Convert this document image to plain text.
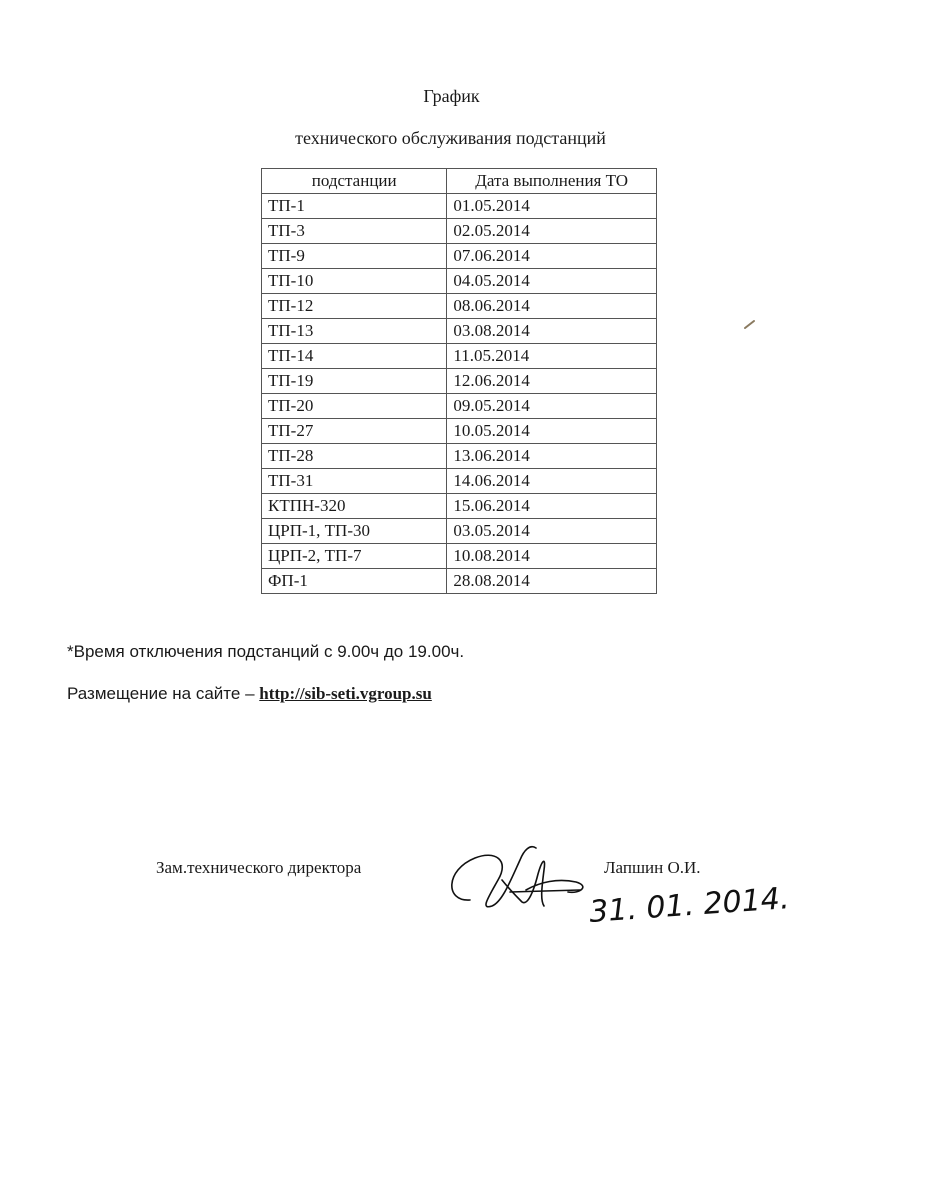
График
технического обслуживания подстанций
подстанции	Дата выполнения ТО
ТП-1	01.05.2014
ТП-3	02.05.2014
ТП-9	07.06.2014
ТП-10	04.05.2014
ТП-12	08.06.2014
ТП-13	03.08.2014
ТП-14	11.05.2014
ТП-19	12.06.2014
ТП-20	09.05.2014
ТП-27	10.05.2014
ТП-28	13.06.2014
ТП-31	14.06.2014
КТПН-320	15.06.2014
ЦРП-1, ТП-30	03.05.2014
ЦРП-2, ТП-7	10.08.2014
ФП-1	28.08.2014
*Время отключения подстанций с 9.00ч до 19.00ч.
Размещение на сайте – http://sib-seti.vgroup.su
Зам.технического директора	Лапшин О.И.
31. 01. 2014.
